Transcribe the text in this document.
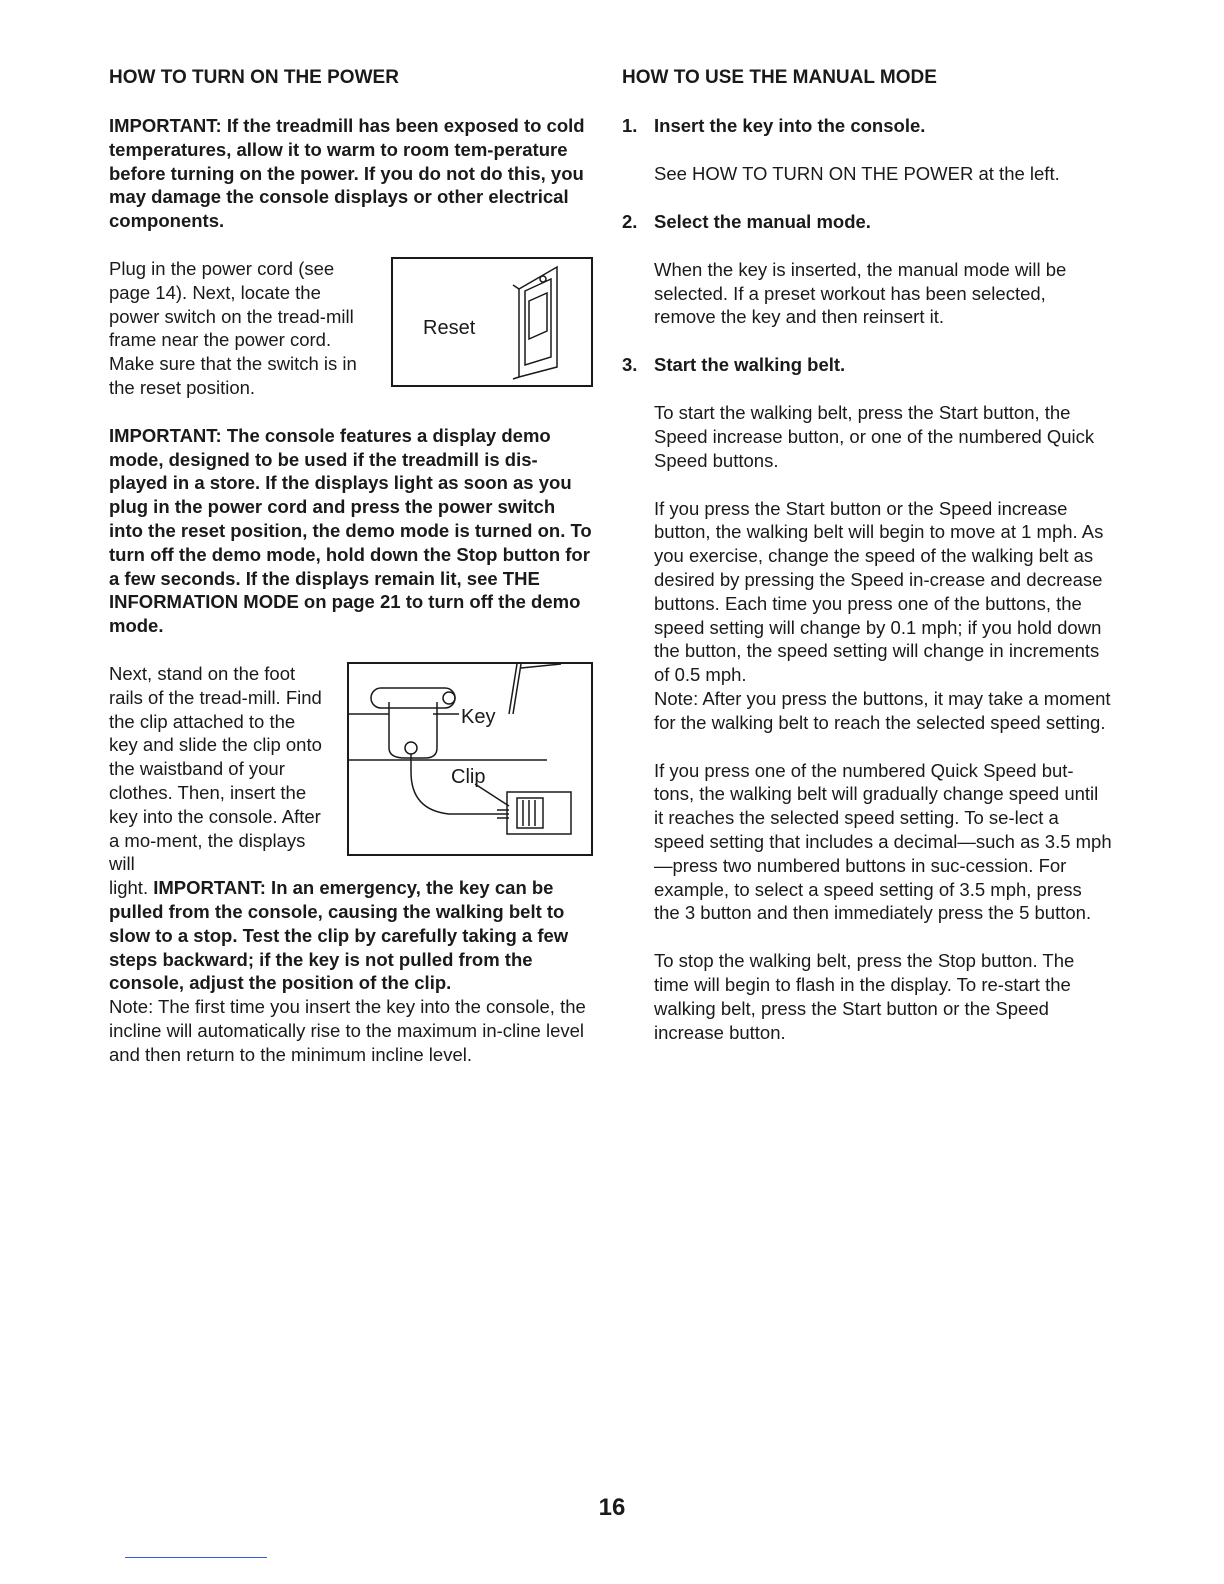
HOW TO TURN ON THE POWER

IMPORTANT: If the treadmill has been exposed to cold temperatures, allow it to warm to room tem-perature before turning on the power. If you do not do this, you may damage the console displays or other electrical components.

Plug in the power cord (see page 14). Next, locate the power switch on the tread-mill frame near the power cord. Make sure that the switch is in the reset position.

Reset

IMPORTANT: The console features a display demo mode, designed to be used if the treadmill is dis-played in a store. If the displays light as soon as you plug in the power cord and press the power switch into the reset position, the demo mode is turned on. To turn off the demo mode, hold down the Stop button for a few seconds. If the displays remain lit, see THE INFORMATION MODE on page 21 to turn off the demo mode.

Next, stand on the foot rails of the tread-mill. Find the clip attached to the key and slide the clip onto the waistband of your clothes. Then, insert the key into the console. After a mo-ment, the displays will

Key
Clip

light. IMPORTANT: In an emergency, the key can be pulled from the console, causing the walking belt to slow to a stop. Test the clip by carefully taking a few steps backward; if the key is not pulled from the console, adjust the position of the clip.

Note: The first time you insert the key into the console, the incline will automatically rise to the maximum in-cline level and then return to the minimum incline level.

HOW TO USE THE MANUAL MODE
1. Insert the key into the console.

See HOW TO TURN ON THE POWER at the left.

2. Select the manual mode.

When the key is inserted, the manual mode will be selected. If a preset workout has been selected, remove the key and then reinsert it.

3. Start the walking belt.

To start the walking belt, press the Start button, the Speed increase button, or one of the numbered Quick Speed buttons.

If you press the Start button or the Speed increase button, the walking belt will begin to move at 1 mph. As you exercise, change the speed of the walking belt as desired by pressing the Speed in-crease and decrease buttons. Each time you press one of the buttons, the speed setting will change by 0.1 mph; if you hold down the button, the speed setting will change in increments of 0.5 mph.

Note: After you press the buttons, it may take a moment for the walking belt to reach the selected speed setting.

If you press one of the numbered Quick Speed but-tons, the walking belt will gradually change speed until it reaches the selected speed setting. To se-lect a speed setting that includes a decimal—such as 3.5 mph—press two numbered buttons in suc-cession. For example, to select a speed setting of 3.5 mph, press the 3 button and then immediately press the 5 button.

To stop the walking belt, press the Stop button. The time will begin to flash in the display. To re-start the walking belt, press the Start button or the Speed increase button.

16
